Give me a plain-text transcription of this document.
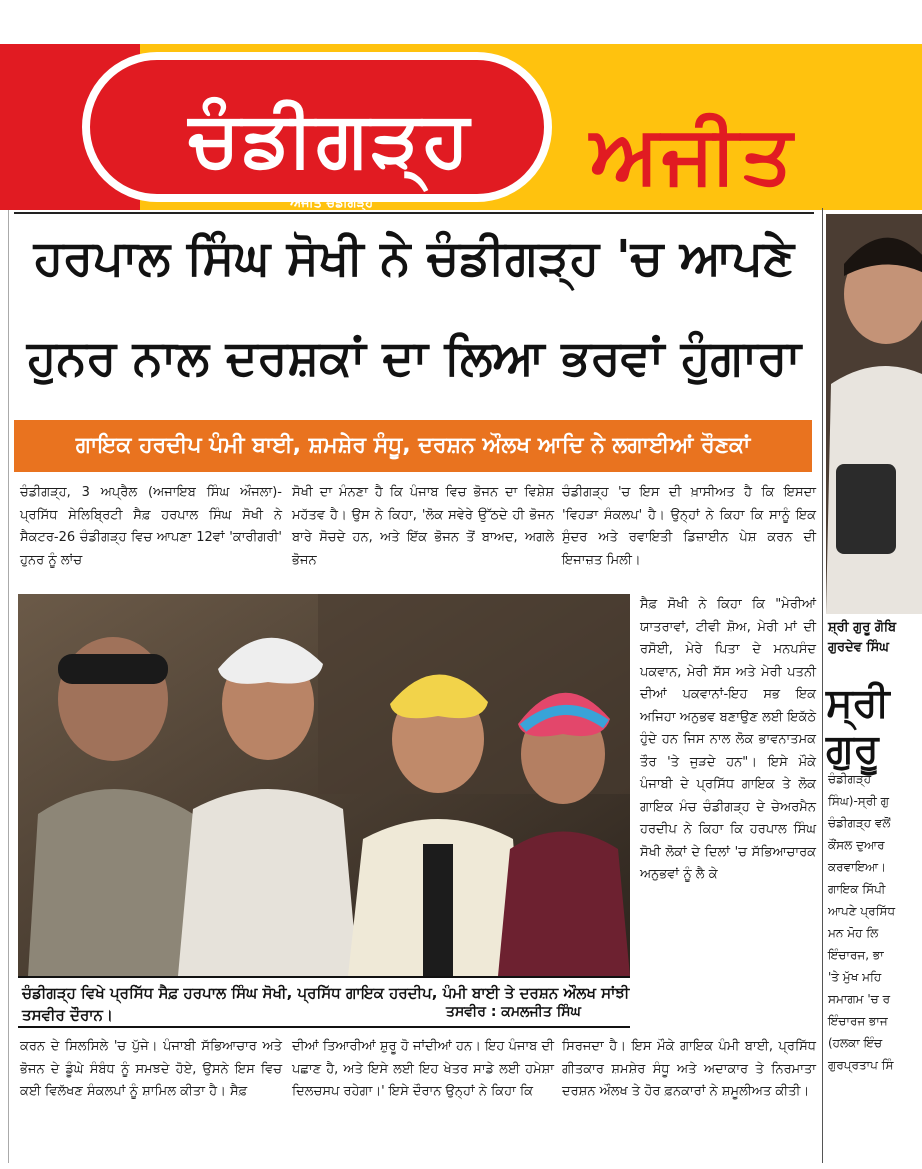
ਚੰਡੀਗੜ੍ਹ
ਅਜੀਤ ਚੰਡੀਗੜ੍ਹ
ਅਜੀਤ
ਹਰਪਾਲ ਸਿੰਘ ਸੋਖੀ ਨੇ ਚੰਡੀਗੜ੍ਹ 'ਚ ਆਪਣੇ
ਹੁਨਰ ਨਾਲ ਦਰਸ਼ਕਾਂ ਦਾ ਲਿਆ ਭਰਵਾਂ ਹੁੰਗਾਰਾ
ਗਾਇਕ ਹਰਦੀਪ ਪੰਮੀ ਬਾਈ, ਸ਼ਮਸ਼ੇਰ ਸੰਧੂ, ਦਰਸ਼ਨ ਔਲਖ ਆਦਿ ਨੇ ਲਗਾਈਆਂ ਰੌਣਕਾਂ

ਚੰਡੀਗੜ੍ਹ, 3 ਅਪ੍ਰੈਲ (ਅਜਾਇਬ ਸਿੰਘ ਔਜਲਾ)-ਪ੍ਰਸਿੱਧ ਸੇਲਿਬ੍ਰਿਟੀ ਸੈਫ਼ ਹਰਪਾਲ ਸਿੰਘ ਸੋਖੀ ਨੇ ਸੈਕਟਰ-26 ਚੰਡੀਗੜ੍ਹ ਵਿਚ ਆਪਣਾ 12ਵਾਂ 'ਕਾਰੀਗਰੀ' ਹੁਨਰ ਨੂੰ ਲਾਂਚ

ਸੋਖੀ ਦਾ ਮੰਨਣਾ ਹੈ ਕਿ ਪੰਜਾਬ ਵਿਚ ਭੋਜਨ ਦਾ ਵਿਸ਼ੇਸ਼ ਮਹੱਤਵ ਹੈ। ਉਸ ਨੇ ਕਿਹਾ, 'ਲੋਕ ਸਵੇਰੇ ਉੱਠਦੇ ਹੀ ਭੋਜਨ ਬਾਰੇ ਸੋਚਦੇ ਹਨ, ਅਤੇ ਇੱਕ ਭੋਜਨ ਤੋਂ ਬਾਅਦ, ਅਗਲੇ ਭੋਜਨ

ਚੰਡੀਗੜ੍ਹ 'ਚ ਇਸ ਦੀ ਖ਼ਾਸੀਅਤ ਹੈ ਕਿ ਇਸਦਾ 'ਵਿਹੜਾ ਸੰਕਲਪ' ਹੈ। ਉਨ੍ਹਾਂ ਨੇ ਕਿਹਾ ਕਿ ਸਾਨੂੰ ਇਕ ਸੁੰਦਰ ਅਤੇ ਰਵਾਇਤੀ ਡਿਜ਼ਾਈਨ ਪੇਸ਼ ਕਰਨ ਦੀ ਇਜਾਜ਼ਤ ਮਿਲੀ।

ਸੈਫ਼ ਸੋਖੀ ਨੇ ਕਿਹਾ ਕਿ "ਮੇਰੀਆਂ ਯਾਤਰਾਵਾਂ, ਟੀਵੀ ਸ਼ੋਅ, ਮੇਰੀ ਮਾਂ ਦੀ ਰਸੋਈ, ਮੇਰੇ ਪਿਤਾ ਦੇ ਮਨਪਸੰਦ ਪਕਵਾਨ, ਮੇਰੀ ਸੱਸ ਅਤੇ ਮੇਰੀ ਪਤਨੀ ਦੀਆਂ ਪਕਵਾਨਾਂ-ਇਹ ਸਭ ਇਕ ਅਜਿਹਾ ਅਨੁਭਵ ਬਣਾਉਣ ਲਈ ਇਕੱਠੇ ਹੁੰਦੇ ਹਨ ਜਿਸ ਨਾਲ ਲੋਕ ਭਾਵਨਾਤਮਕ ਤੌਰ 'ਤੇ ਜੁੜਦੇ ਹਨ"। ਇਸੇ ਮੌਕੇ ਪੰਜਾਬੀ ਦੇ ਪ੍ਰਸਿੱਧ ਗਾਇਕ ਤੇ ਲੋਕ ਗਾਇਕ ਮੰਚ ਚੰਡੀਗੜ੍ਹ ਦੇ ਚੇਅਰਮੈਨ ਹਰਦੀਪ ਨੇ ਕਿਹਾ ਕਿ ਹਰਪਾਲ ਸਿੰਘ ਸੋਖੀ ਲੋਕਾਂ ਦੇ ਦਿਲਾਂ 'ਚ ਸੱਭਿਆਚਾਰਕ ਅਨੁਭਵਾਂ ਨੂੰ ਲੈ ਕੇ

ਚੰਡੀਗੜ੍ਹ ਵਿਖੇ ਪ੍ਰਸਿੱਧ ਸੈਫ਼ ਹਰਪਾਲ ਸਿੰਘ ਸੋਖੀ, ਪ੍ਰਸਿੱਧ ਗਾਇਕ ਹਰਦੀਪ, ਪੰਮੀ ਬਾਈ ਤੇ ਦਰਸ਼ਨ ਔਲਖ ਸਾਂਝੀ ਤਸਵੀਰ ਦੌਰਾਨ।	ਤਸਵੀਰ : ਕਮਲਜੀਤ ਸਿੰਘ

ਕਰਨ ਦੇ ਸਿਲਸਿਲੇ 'ਚ ਪੁੱਜੇ। ਪੰਜਾਬੀ ਸੱਭਿਆਚਾਰ ਅਤੇ ਭੋਜਨ ਦੇ ਡੂੰਘੇ ਸੰਬੰਧ ਨੂੰ ਸਮਝਦੇ ਹੋਏ, ਉਸਨੇ ਇਸ ਵਿਚ ਕਈ ਵਿਲੱਖਣ ਸੰਕਲਪਾਂ ਨੂੰ ਸ਼ਾਮਿਲ ਕੀਤਾ ਹੈ। ਸੈਫ਼

ਦੀਆਂ ਤਿਆਰੀਆਂ ਸ਼ੁਰੂ ਹੋ ਜਾਂਦੀਆਂ ਹਨ। ਇਹ ਪੰਜਾਬ ਦੀ ਪਛਾਣ ਹੈ, ਅਤੇ ਇਸੇ ਲਈ ਇਹ ਖੇਤਰ ਸਾਡੇ ਲਈ ਹਮੇਸ਼ਾ ਦਿਲਚਸਪ ਰਹੇਗਾ।' ਇਸੇ ਦੌਰਾਨ ਉਨ੍ਹਾਂ ਨੇ ਕਿਹਾ ਕਿ

ਸਿਰਜਦਾ ਹੈ। ਇਸ ਮੌਕੇ ਗਾਇਕ ਪੰਮੀ ਬਾਈ, ਪ੍ਰਸਿੱਧ ਗੀਤਕਾਰ ਸ਼ਮਸ਼ੇਰ ਸੰਧੂ ਅਤੇ ਅਦਾਕਾਰ ਤੇ ਨਿਰਮਾਤਾ ਦਰਸ਼ਨ ਔਲਖ ਤੇ ਹੋਰ ਫ਼ਨਕਾਰਾਂ ਨੇ ਸ਼ਮੂਲੀਅਤ ਕੀਤੀ।

ਸ਼੍ਰੀ ਗੁਰੂ ਗੋਬਿ
ਗੁਰਦੇਵ ਸਿੰਘ
ਸ੍ਰੀ ਗੁਰੂ
ਚੰਡੀਗੜ੍ਹ
ਸਿੰਘ)-ਸ੍ਰੀ ਗੁ
ਚੰਡੀਗੜ੍ਹ ਵਲੋਂ
ਕੌਂਸਲ ਦੁਆਰ
ਕਰਵਾਇਆ।
ਗਾਇਕ ਸਿੱਪੀ
ਆਪਣੇ ਪ੍ਰਸਿੱਧ
ਮਨ ਮੋਹ ਲਿ
ਇੰਚਾਰਜ, ਭਾ
'ਤੇ ਮੁੱਖ ਮਹਿ
ਸਮਾਗਮ 'ਚ ਰ
ਇੰਚਾਰਜ ਭਾਜ
(ਹਲਕਾ ਇੰਚ
ਗੁਰਪ੍ਰਤਾਪ ਸਿੰ
